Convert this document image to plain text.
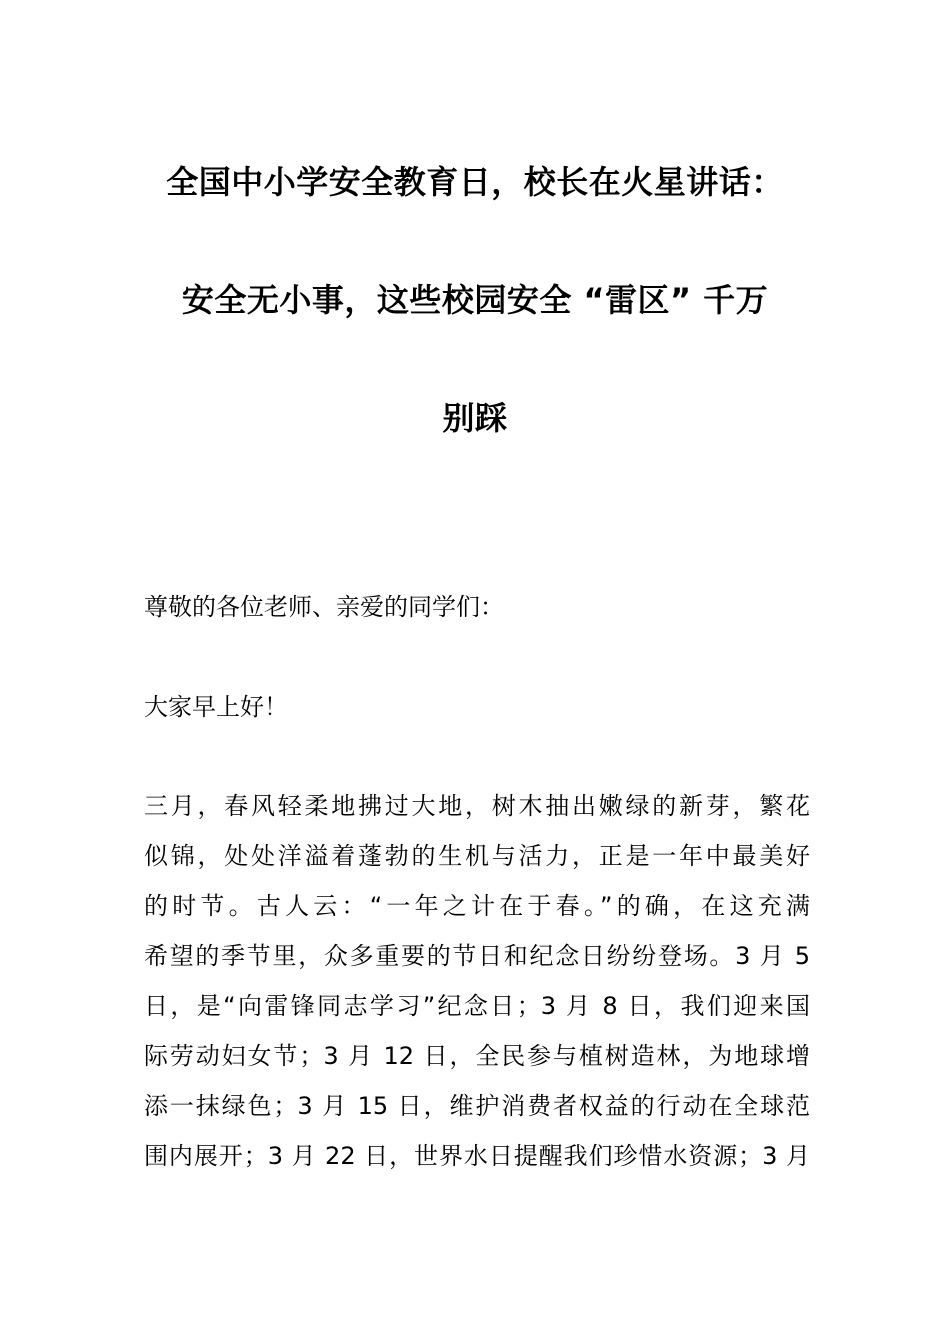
全国中小学安全教育日，校长在火星讲话：
安全无小事，这些校园安全 “雷区” 千万
别踩
尊敬的各位老师、亲爱的同学们：
大家早上好！
三月，春风轻柔地拂过大地，树木抽出嫩绿的新芽，繁花
似锦，处处洋溢着蓬勃的生机与活力，正是一年中最美好
的时节。古人云：“一年之计在于春。”的确，在这充满
希望的季节里，众多重要的节日和纪念日纷纷登场。3 月 5
日，是“向雷锋同志学习”纪念日；3 月 8 日，我们迎来国
际劳动妇女节；3 月 12 日，全民参与植树造林，为地球增
添一抹绿色；3 月 15 日，维护消费者权益的行动在全球范
围内展开；3 月 22 日，世界水日提醒我们珍惜水资源；3 月
